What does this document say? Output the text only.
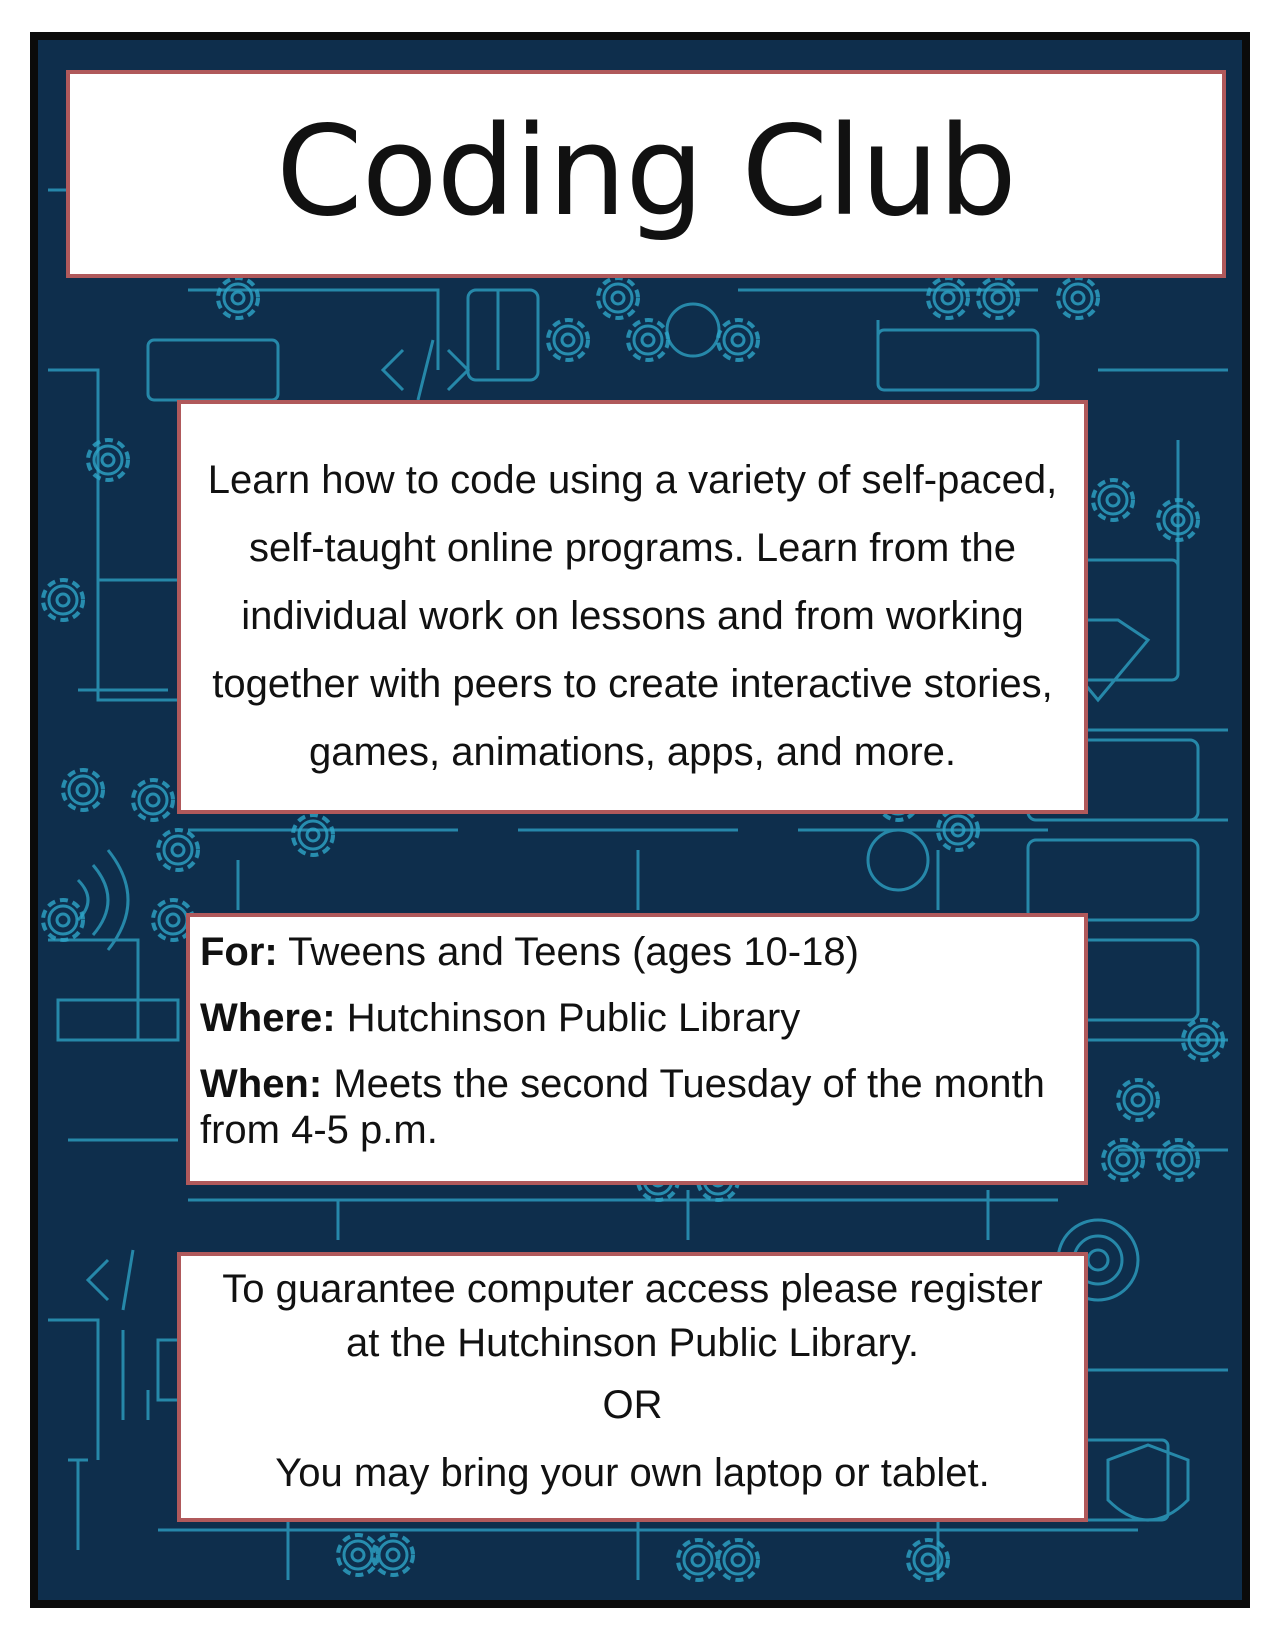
Coding Club
Learn how to code using a variety of self-paced, self-taught online programs. Learn from the individual work on lessons and from working together with peers to create interactive stories, games, animations, apps, and more.
For: Tweens and Teens (ages 10-18)
Where: Hutchinson Public Library
When: Meets the second Tuesday of the month from 4-5 p.m.
To guarantee computer access please register
at the Hutchinson Public Library.
OR
You may bring your own laptop or tablet.
